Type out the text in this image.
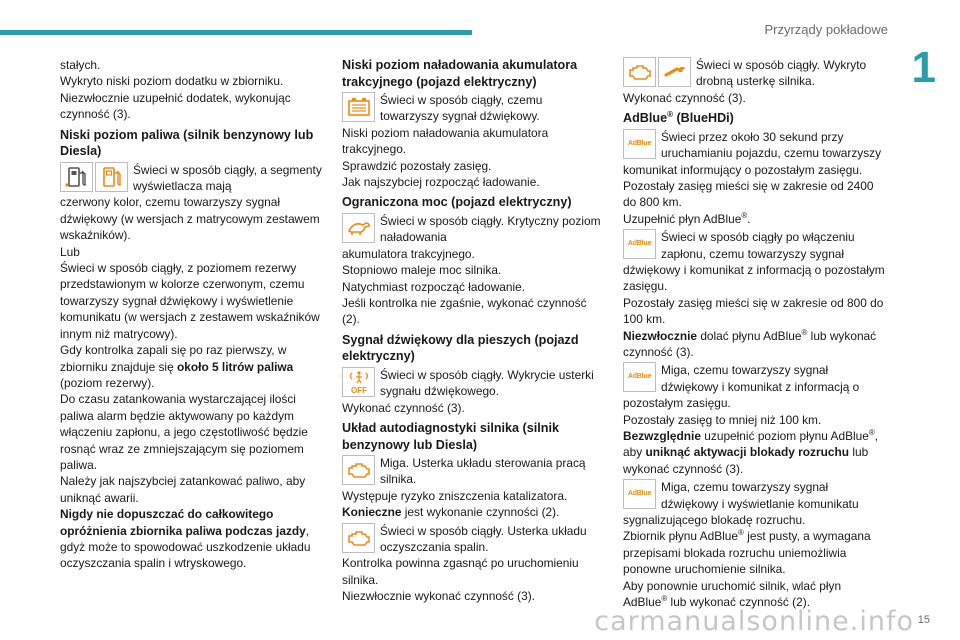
Przyrządy pokładowe
1

stałych.

Wykryto niski poziom dodatku w zbiorniku.

Niezwłocznie uzupełnić dodatek, wykonując czynność (3).

Niski poziom paliwa (silnik benzynowy lub Diesla)
Świeci w sposób ciągły, a segmenty wyświetlacza mają

czerwony kolor, czemu towarzyszy sygnał dźwiękowy (w wersjach z matrycowym zestawem wskaźników).

Lub

Świeci w sposób ciągły, z poziomem rezerwy przedstawionym w kolorze czerwonym, czemu towarzyszy sygnał dźwiękowy i wyświetlenie komunikatu (w wersjach z zestawem wskaźników innym niż matrycowy).

Gdy kontrolka zapali się po raz pierwszy, w zbiorniku znajduje się około 5 litrów paliwa (poziom rezerwy).

Do czasu zatankowania wystarczającej ilości paliwa alarm będzie aktywowany po każdym włączeniu zapłonu, a jego częstotliwość będzie rosnąć wraz ze zmniejszającym się poziomem paliwa.

Należy jak najszybciej zatankować paliwo, aby uniknąć awarii.

Nigdy nie dopuszczać do całkowitego opróżnienia zbiornika paliwa podczas jazdy, gdyż może to spowodować uszkodzenie układu oczyszczania spalin i wtryskowego.

Niski poziom naładowania akumulatora trakcyjnego (pojazd elektryczny)
Świeci w sposób ciągły, czemu towarzyszy sygnał dźwiękowy.

Niski poziom naładowania akumulatora trakcyjnego.

Sprawdzić pozostały zasięg.

Jak najszybciej rozpocząć ładowanie.

Ograniczona moc (pojazd elektryczny)
Świeci w sposób ciągły. Krytyczny poziom naładowania

akumulatora trakcyjnego.

Stopniowo maleje moc silnika.

Natychmiast rozpocząć ładowanie.

Jeśli kontrolka nie zgaśnie, wykonać czynność (2).

Sygnał dźwiękowy dla pieszych (pojazd elektryczny)
OFF
Świeci w sposób ciągły. Wykrycie usterki sygnału dźwiękowego.

Wykonać czynność (3).

Układ autodiagnostyki silnika (silnik benzynowy lub Diesla)
Miga. Usterka układu sterowania pracą silnika.

Występuje ryzyko zniszczenia katalizatora.

Konieczne jest wykonanie czynności (2).

Świeci w sposób ciągły. Usterka układu oczyszczania spalin.

Kontrolka powinna zgasnąć po uruchomieniu silnika.

Niezwłocznie wykonać czynność (3).

Świeci w sposób ciągły. Wykryto drobną usterkę silnika.

Wykonać czynność (3).

AdBlue® (BlueHDi)
AdBlue Świeci przez około 30 sekund przy uruchamianiu pojazdu, czemu towarzyszy

komunikat informujący o pozostałym zasięgu.

Pozostały zasięg mieści się w zakresie od 2400 do 800 km.

Uzupełnić płyn AdBlue®.

AdBlue Świeci w sposób ciągły po włączeniu zapłonu, czemu towarzyszy sygnał

dźwiękowy i komunikat z informacją o pozostałym zasięgu.

Pozostały zasięg mieści się w zakresie od 800 do 100 km.

Niezwłocznie dolać płynu AdBlue® lub wykonać czynność (3).

AdBlue Miga, czemu towarzyszy sygnał dźwiękowy i komunikat z informacją o

pozostałym zasięgu.

Pozostały zasięg to mniej niż 100 km.

Bezwzględnie uzupełnić poziom płynu AdBlue®, aby uniknąć aktywacji blokady rozruchu lub wykonać czynność (3).

AdBlue Miga, czemu towarzyszy sygnał dźwiękowy i wyświetlanie komunikatu

sygnalizującego blokadę rozruchu.

Zbiornik płynu AdBlue® jest pusty, a wymagana przepisami blokada rozruchu uniemożliwia ponowne uruchomienie silnika.

Aby ponownie uruchomić silnik, wlać płyn

AdBlue® lub wykonać czynność (2).

carmanualsonline.info 15
